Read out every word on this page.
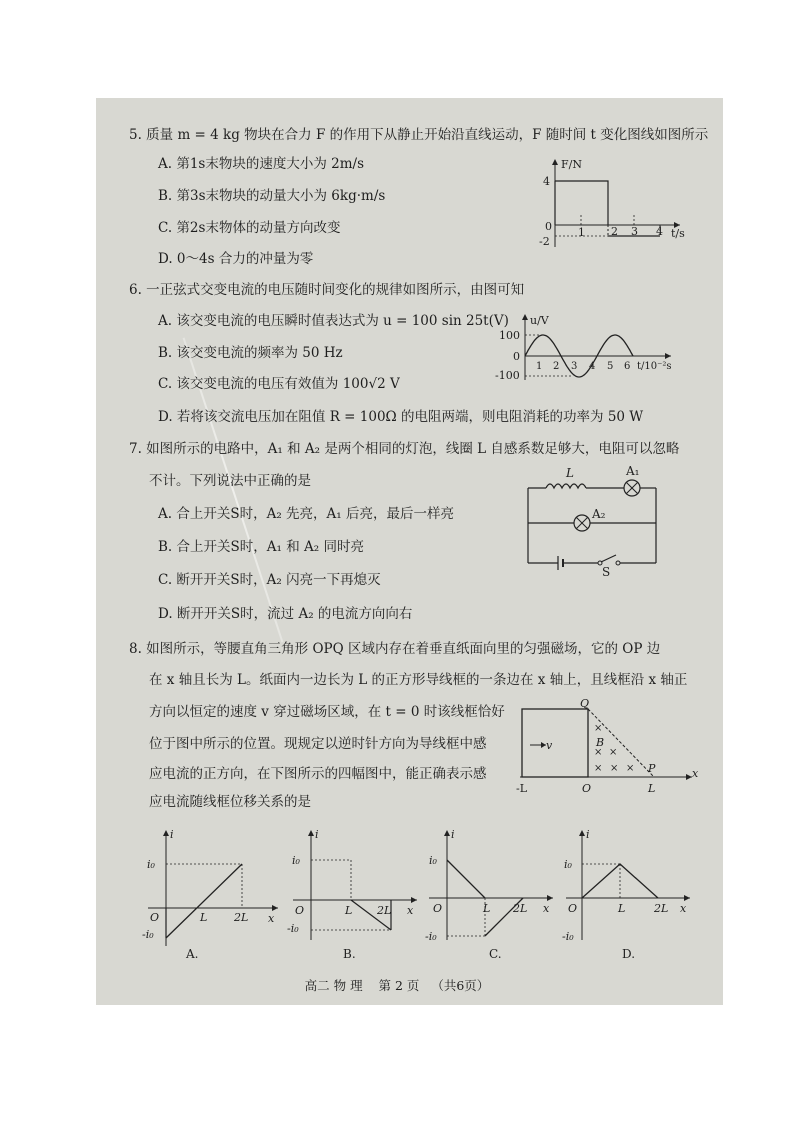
5. 质量 m = 4 kg 物块在合力 F 的作用下从静止开始沿直线运动，F 随时间 t 变化图线如图所示
A. 第1s末物块的速度大小为 2m/s
B. 第3s末物块的动量大小为 6kg·m/s
C. 第2s末物体的动量方向改变
D. 0～4s 合力的冲量为零
F/N
t/s
4
0
-2
1 2 3 4
6. 一正弦式交变电流的电压随时间变化的规律如图所示，由图可知
A. 该交变电流的电压瞬时值表达式为 u = 100 sin 25t(V)
B. 该交变电流的频率为 50 Hz
C. 该交变电流的电压有效值为 100√2 V
D. 若将该交流电压加在阻值 R = 100Ω 的电阻两端，则电阻消耗的功率为 50 W
u/V
t/10⁻²s
100
0
-100
1 2 3 4 5 6
7. 如图所示的电路中，A₁ 和 A₂ 是两个相同的灯泡，线圈 L 自感系数足够大，电阻可以忽略
不计。下列说法中正确的是
A. 合上开关S时，A₂ 先亮，A₁ 后亮，最后一样亮
B. 合上开关S时，A₁ 和 A₂ 同时亮
C. 断开开关S时，A₂ 闪亮一下再熄灭
D. 断开开关S时，流过 A₂ 的电流方向向右
L	A₁
A₂
S
8. 如图所示，等腰直角三角形 OPQ 区域内存在着垂直纸面向里的匀强磁场，它的 OP 边
在 x 轴且长为 L。纸面内一边长为 L 的正方形导线框的一条边在 x 轴上，且线框沿 x 轴正
方向以恒定的速度 v 穿过磁场区域，在 t = 0 时该线框恰好
位于图中所示的位置。现规定以逆时针方向为导线框中感
应电流的正方向，在下图所示的四幅图中，能正确表示感
应电流随线框位移关系的是
v
Q
B
P
×
× ×
× × ×
-L	O	L
x
i
i₀
-i₀
O	L 2L x
A.
i
i₀
-i₀
O	L 2L x
B.
i
i₀
-i₀
O	L 2L x
C.
i
i₀
-i₀
O	L	2L x
D.
高二 物 理 第 2 页 （共6页）
